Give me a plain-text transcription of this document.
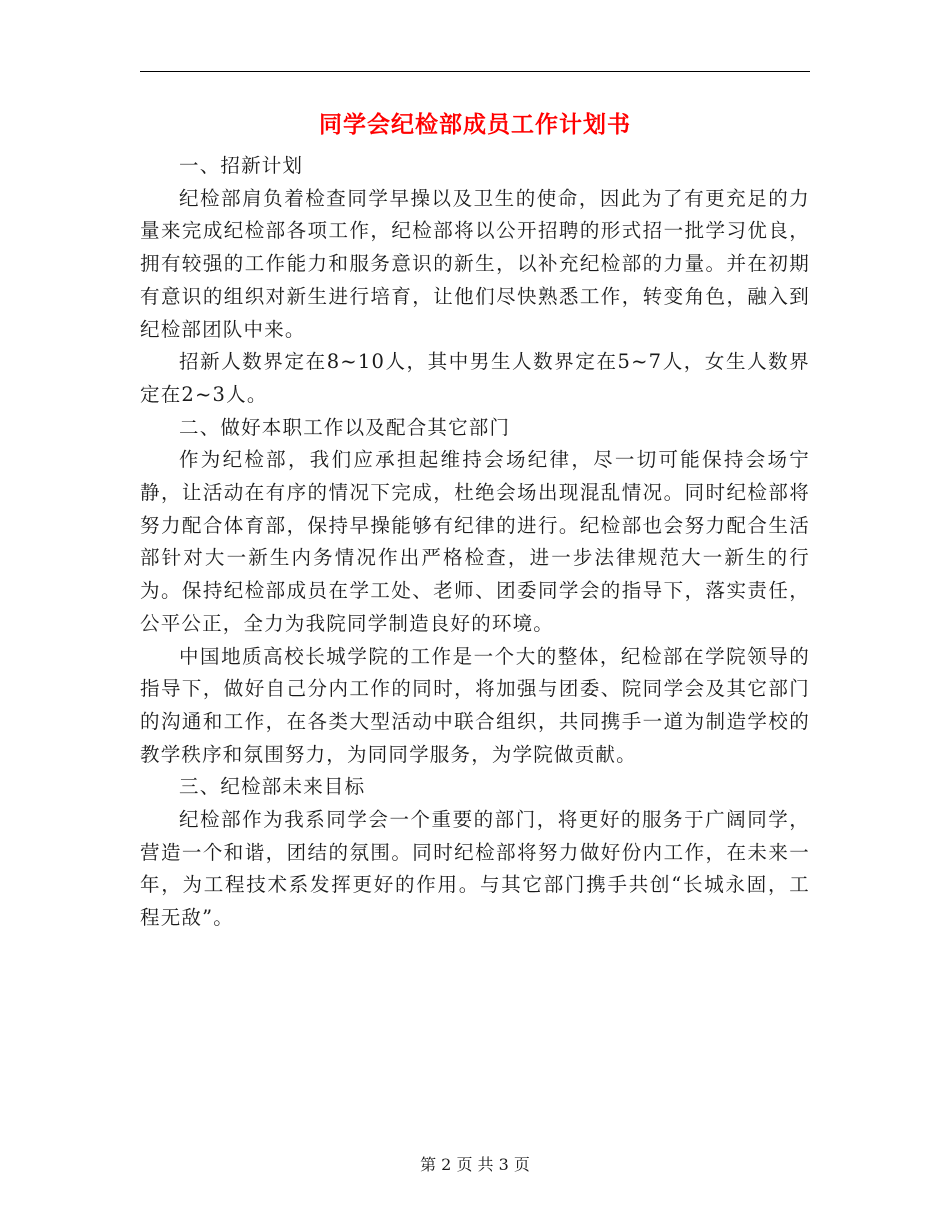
同学会纪检部成员工作计划书

一、招新计划

纪检部肩负着检查同学早操以及卫生的使命，因此为了有更充足的力量来完成纪检部各项工作，纪检部将以公开招聘的形式招一批学习优良，拥有较强的工作能力和服务意识的新生，以补充纪检部的力量。并在初期有意识的组织对新生进行培育，让他们尽快熟悉工作，转变角色，融入到纪检部团队中来。

招新人数界定在8~10人，其中男生人数界定在5~7人，女生人数界定在2~3人。

二、做好本职工作以及配合其它部门

作为纪检部，我们应承担起维持会场纪律，尽一切可能保持会场宁静，让活动在有序的情况下完成，杜绝会场出现混乱情况。同时纪检部将努力配合体育部，保持早操能够有纪律的进行。纪检部也会努力配合生活部针对大一新生内务情况作出严格检查，进一步法律规范大一新生的行为。保持纪检部成员在学工处、老师、团委同学会的指导下，落实责任，公平公正，全力为我院同学制造良好的环境。

中国地质高校长城学院的工作是一个大的整体，纪检部在学院领导的指导下，做好自己分内工作的同时，将加强与团委、院同学会及其它部门的沟通和工作，在各类大型活动中联合组织，共同携手一道为制造学校的教学秩序和氛围努力，为同同学服务，为学院做贡献。

三、纪检部未来目标

纪检部作为我系同学会一个重要的部门，将更好的服务于广阔同学，营造一个和谐，团结的氛围。同时纪检部将努力做好份内工作，在未来一年，为工程技术系发挥更好的作用。与其它部门携手共创“长城永固，工程无敌”。

第 2 页 共 3 页
